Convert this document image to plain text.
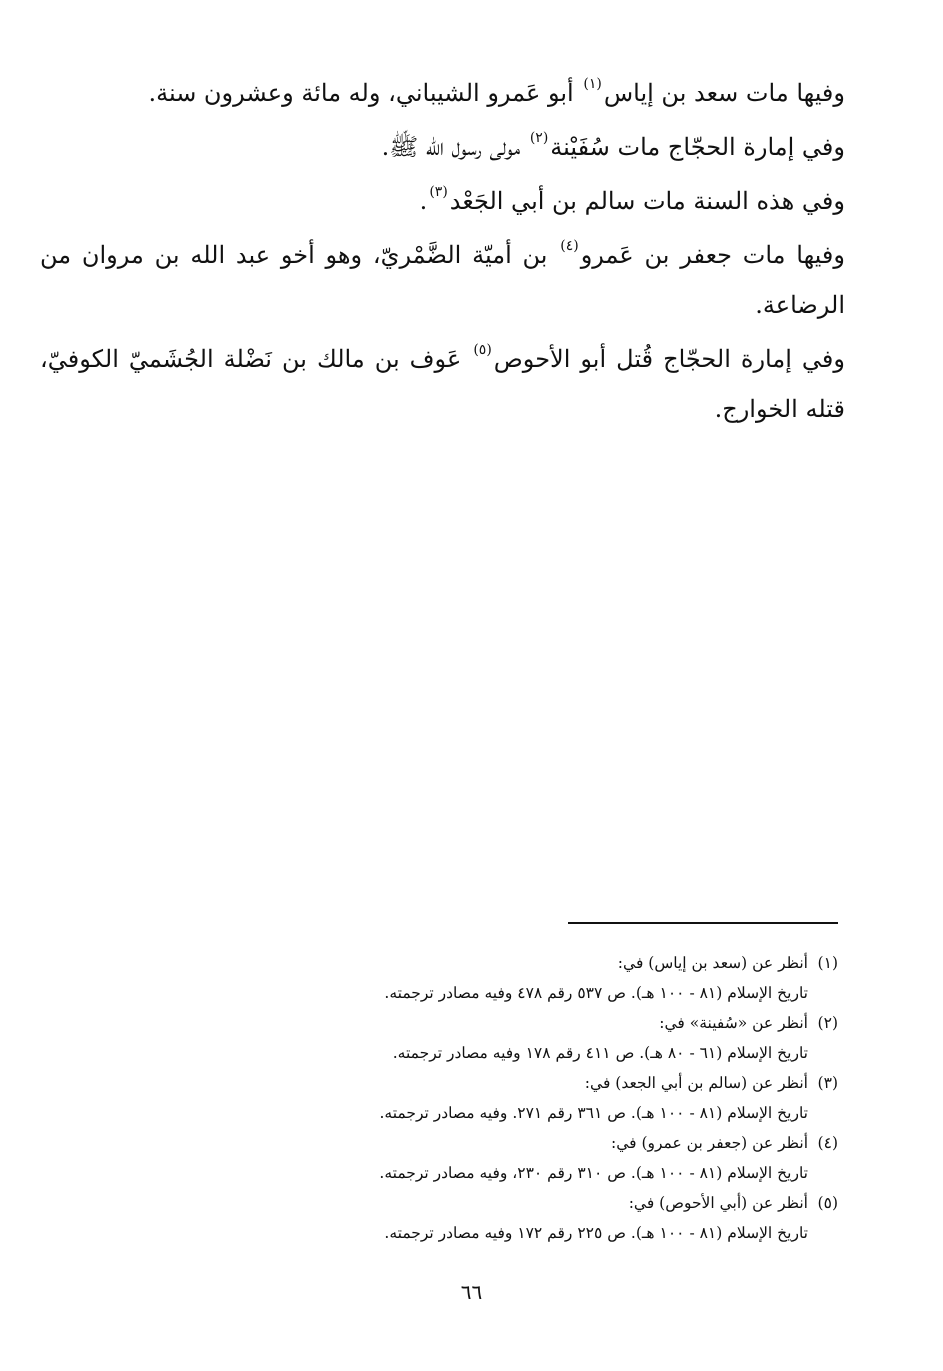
وفيها مات سعد بن إياس$^{(١)}$ أبو عَمرو الشيباني، وله مائة وعشرون سنة.

وفي إمارة الحجّاج مات سُفَيْنة$^{(٢)}$ مولى رسول الله ﷺ.

وفي هذه السنة مات سالم بن أبي الجَعْد$^{(٣)}$.

وفيها مات جعفر بن عَمرو$^{(٤)}$ بن أميّة الضَّمْريّ، وهو أخو عبد الله بن مروان من الرضاعة.

وفي إمارة الحجّاج قُتل أبو الأحوص$^{(٥)}$ عَوف بن مالك بن نَضْلة الجُشَميّ الكوفيّ، قتله الخوارج.

(١)أنظر عن (سعد بن إياس) في:
تاريخ الإسلام (٨١ - ١٠٠ هـ). ص ٥٣٧ رقم ٤٧٨ وفيه مصادر ترجمته.
(٢)أنظر عن «سُفينة» في:
تاريخ الإسلام (٦١ - ٨٠ هـ). ص ٤١١ رقم ١٧٨ وفيه مصادر ترجمته.
(٣)أنظر عن (سالم بن أبي الجعد) في:
تاريخ الإسلام (٨١ - ١٠٠ هـ). ص ٣٦١ رقم ٢٧١. وفيه مصادر ترجمته.
(٤)أنظر عن (جعفر بن عمرو) في:
تاريخ الإسلام (٨١ - ١٠٠ هـ). ص ٣١٠ رقم ٢٣٠، وفيه مصادر ترجمته.
(٥)أنظر عن (أبي الأحوص) في:
تاريخ الإسلام (٨١ - ١٠٠ هـ). ص ٢٢٥ رقم ١٧٢ وفيه مصادر ترجمته.
٦٦
